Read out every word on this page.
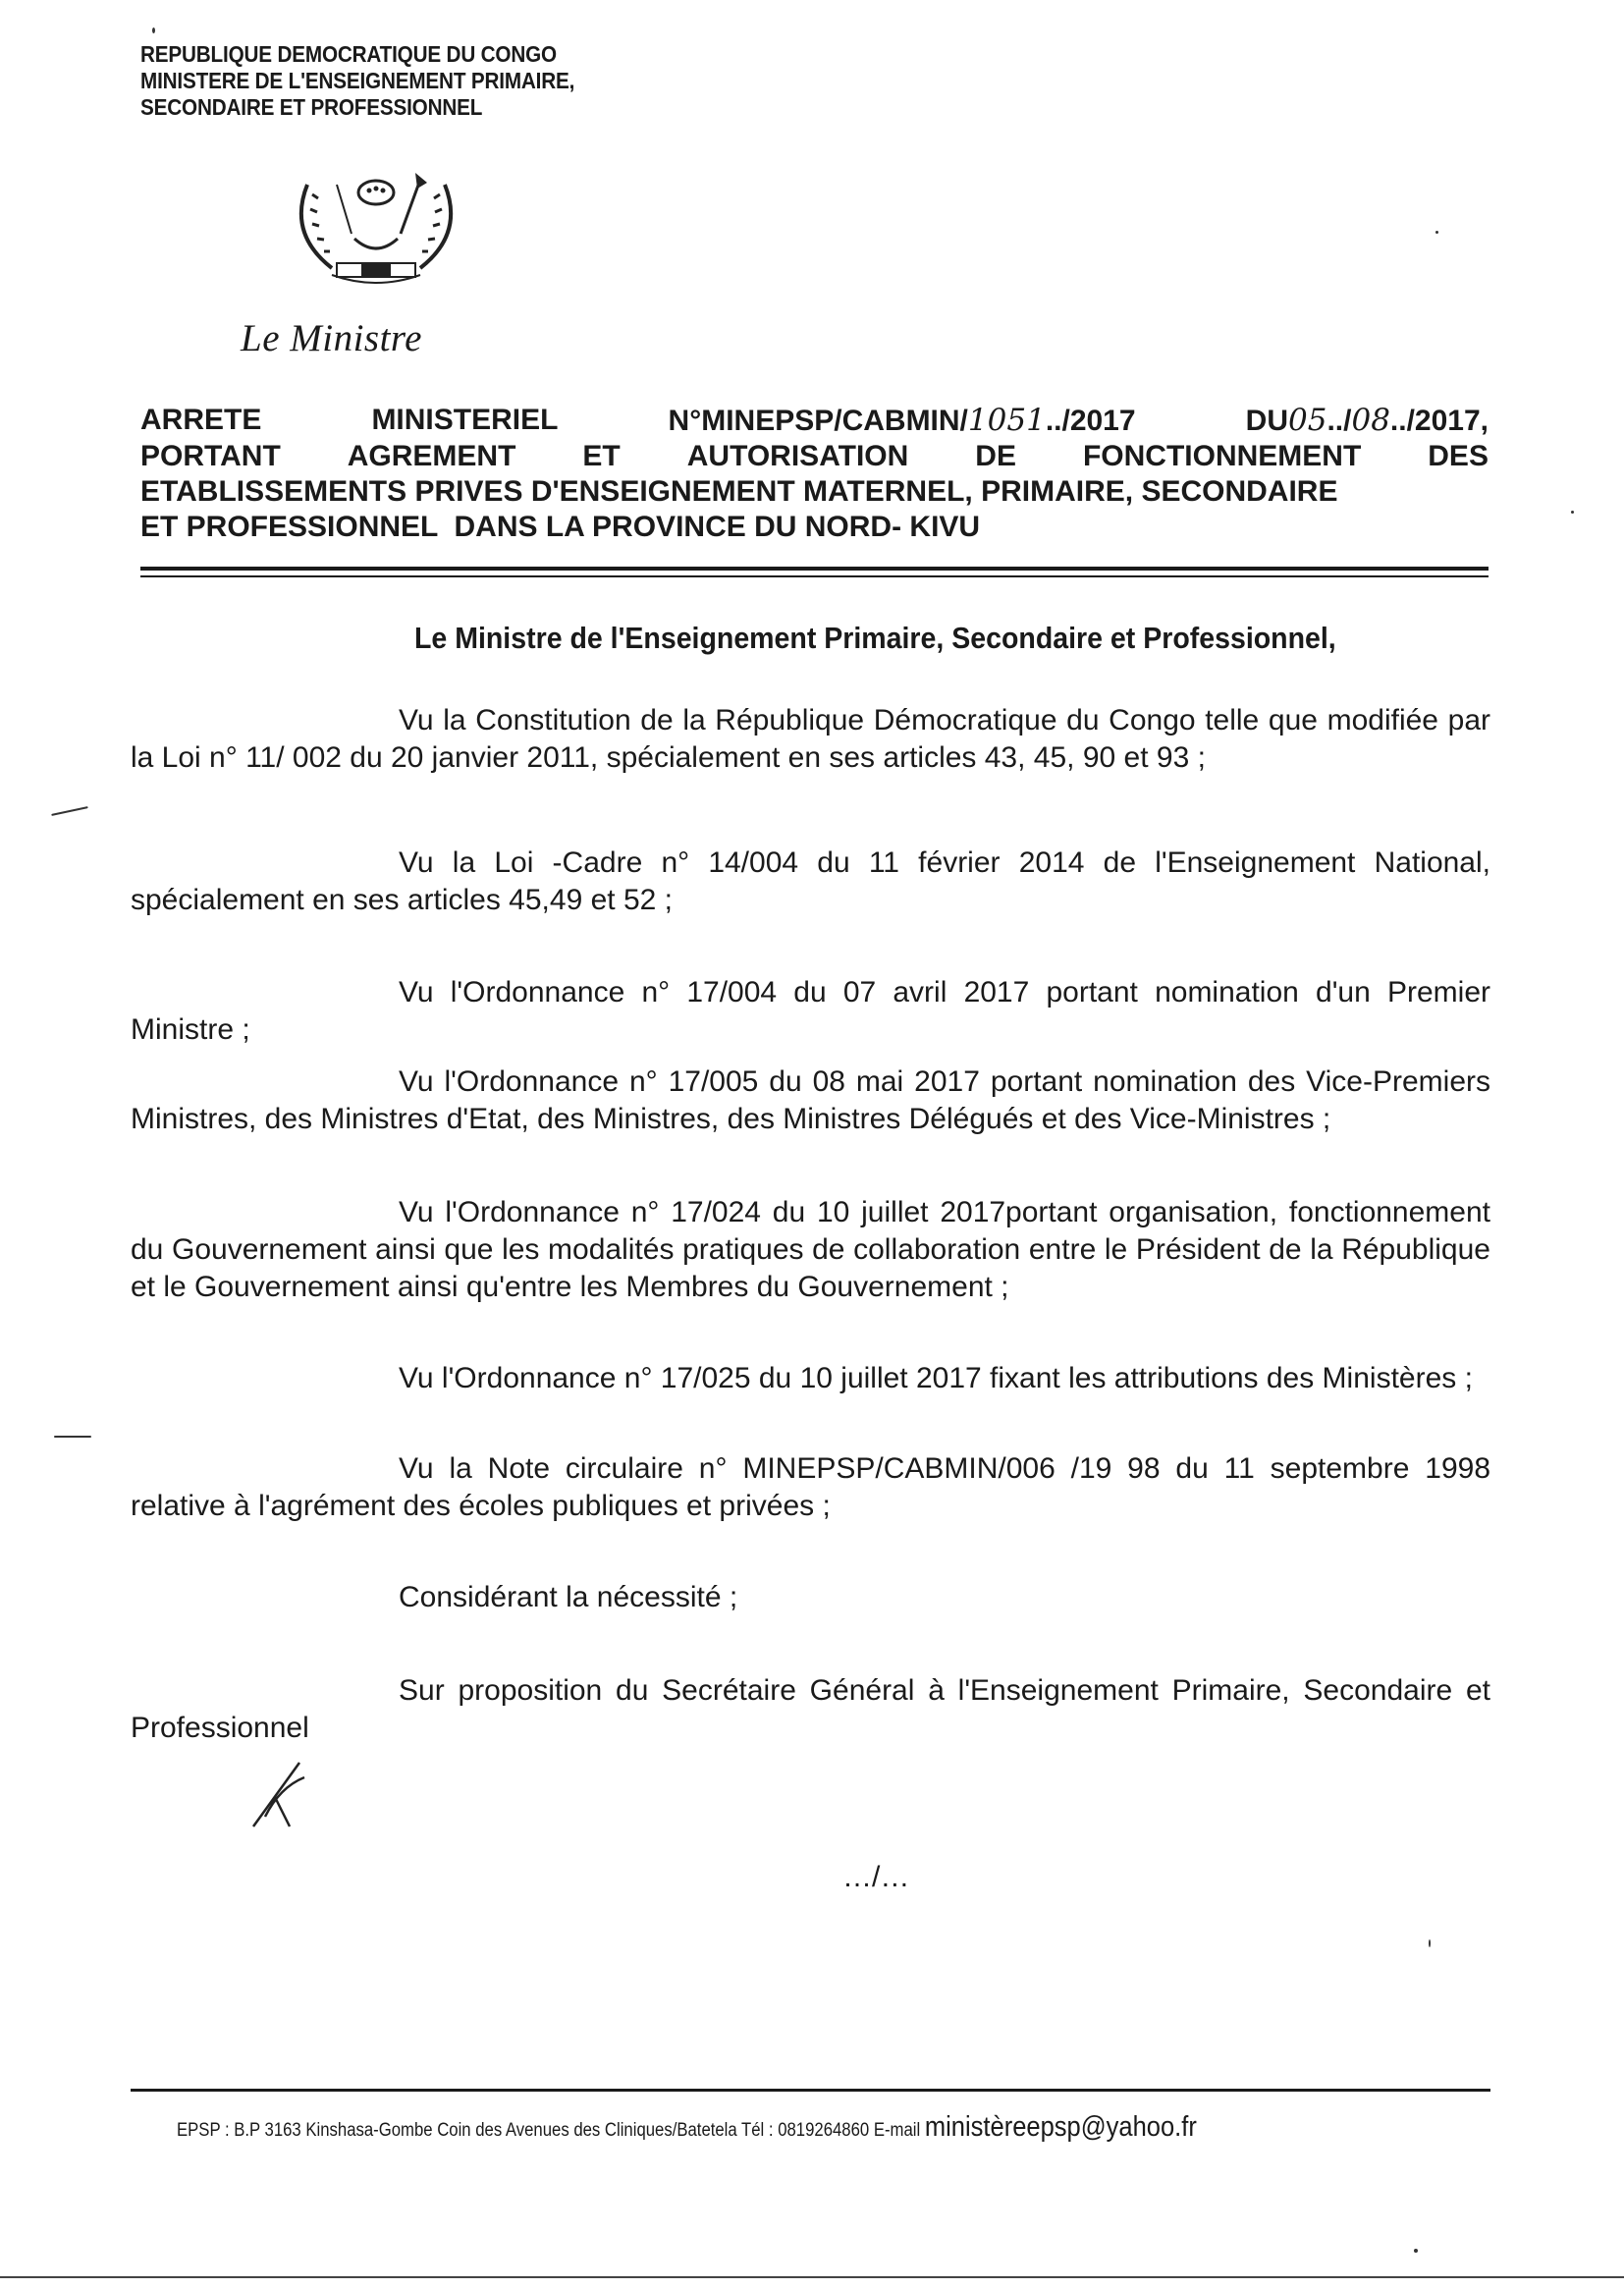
REPUBLIQUE DEMOCRATIQUE DU CONGO
MINISTERE DE L'ENSEIGNEMENT PRIMAIRE,
SECONDAIRE ET PROFESSIONNEL
Le Ministre
ARRETE	MINISTERIEL	N°MINEPSP/CABMIN/1051../2017	DU05../08../2017,
PORTANT AGREMENT ET AUTORISATION DE FONCTIONNEMENT DES
ETABLISSEMENTS PRIVES D'ENSEIGNEMENT MATERNEL, PRIMAIRE, SECONDAIRE
ET PROFESSIONNEL  DANS LA PROVINCE DU NORD- KIVU
Le Ministre de l'Enseignement Primaire, Secondaire et Professionnel,
Vu la Constitution de la République Démocratique du Congo telle que modifiée par la Loi n° 11/ 002 du 20 janvier 2011, spécialement en ses articles 43, 45, 90 et 93 ;
Vu la Loi -Cadre n° 14/004 du 11 février 2014 de l'Enseignement National, spécialement en ses articles 45,49 et 52 ;
Vu l'Ordonnance n° 17/004 du 07 avril 2017 portant nomination d'un Premier Ministre ;
Vu l'Ordonnance n° 17/005 du 08 mai 2017 portant nomination des Vice-Premiers Ministres, des Ministres d'Etat, des Ministres, des Ministres Délégués et des Vice-Ministres ;
Vu l'Ordonnance n° 17/024 du 10 juillet 2017portant organisation, fonctionnement du Gouvernement ainsi que les modalités pratiques de collaboration entre le Président de la République et le Gouvernement ainsi qu'entre les Membres du Gouvernement ;
Vu l'Ordonnance n° 17/025 du 10 juillet 2017 fixant les attributions des Ministères ;
Vu la Note circulaire n° MINEPSP/CABMIN/006 /19 98 du 11 septembre 1998 relative à l'agrément des écoles publiques et privées ;
Considérant la nécessité ;
Sur proposition du Secrétaire Général à l'Enseignement Primaire, Secondaire et Professionnel
…/…
EPSP : B.P 3163 Kinshasa-Gombe Coin des Avenues des Cliniques/Batetela Tél : 0819264860 E-mail ministèreepsp@yahoo.fr
